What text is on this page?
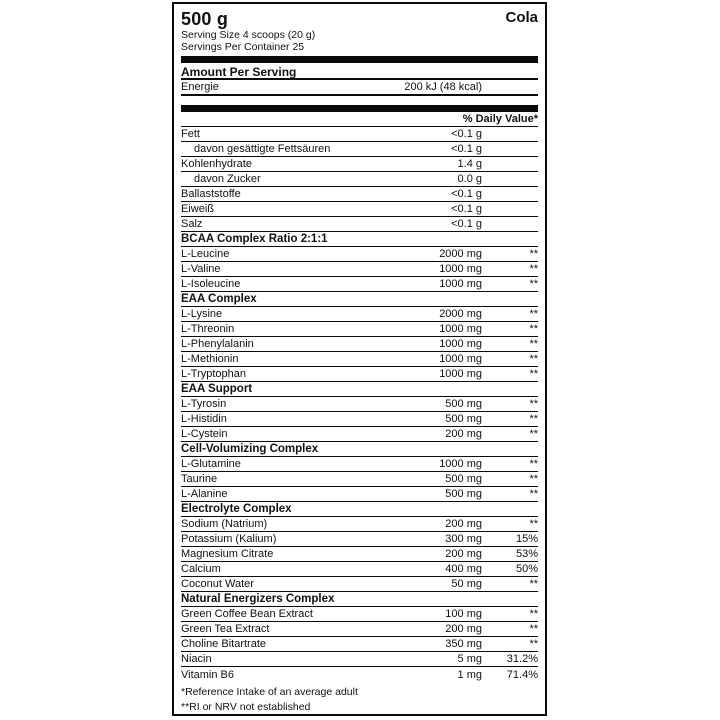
500 g	Cola
Serving Size 4 scoops (20 g)
Servings Per Container 25
Amount Per Serving
Energie	200 kJ (48 kcal)
% Daily Value*
Fett	<0.1 g
davon gesättigte Fettsäuren	<0.1 g
Kohlenhydrate	1.4 g
davon Zucker	0.0 g
Ballaststoffe	<0.1 g
Eiweiß	<0.1 g
Salz	<0.1 g
BCAA Complex Ratio 2:1:1
L-Leucine	2000 mg	**
L-Valine	1000 mg	**
L-Isoleucine	1000 mg	**
EAA Complex
L-Lysine	2000 mg	**
L-Threonin	1000 mg	**
L-Phenylalanin	1000 mg	**
L-Methionin	1000 mg	**
L-Tryptophan	1000 mg	**
EAA Support
L-Tyrosin	500 mg	**
L-Histidin	500 mg	**
L-Cystein	200 mg	**
Cell-Volumizing Complex
L-Glutamine	1000 mg	**
Taurine	500 mg	**
L-Alanine	500 mg	**
Electrolyte Complex
Sodium (Natrium)	200 mg	**
Potassium (Kalium)	300 mg	15%
Magnesium Citrate	200 mg	53%
Calcium	400 mg	50%
Coconut Water	50 mg	**
Natural Energizers Complex
Green Coffee Bean Extract	100 mg	**
Green Tea Extract	200 mg	**
Choline Bitartrate	350 mg	**
Niacin	5 mg	31.2%
Vitamin B6	1 mg	71.4%
*Reference Intake of an average adult
**RI or NRV not established
